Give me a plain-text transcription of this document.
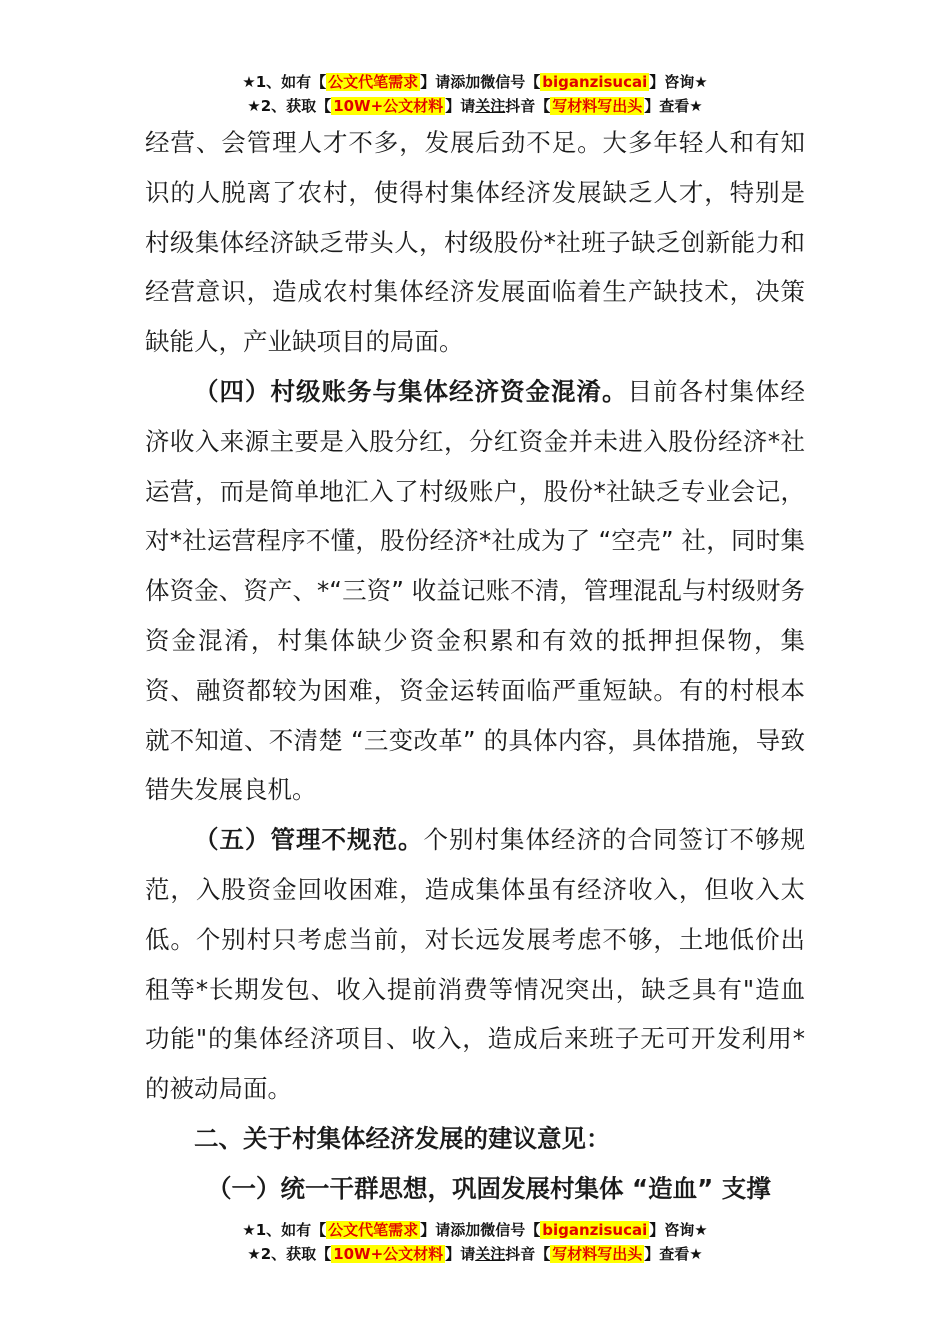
★1、如有【 公文代笔需求 】请添加微信号【 biganzisucai 】咨询★
★2、获取【 10W+公文材料 】请关注抖音【 写材料写出头 】查看★

经营、会管理人才不多，发展后劲不足。大多年轻人和有知识的人脱离了农村，使得村集体经济发展缺乏人才，特别是村级集体经济缺乏带头人，村级股份*社班子缺乏创新能力和经营意识，造成农村集体经济发展面临着生产缺技术，决策缺能人，产业缺项目的局面。

（四）村级账务与集体经济资金混淆。目前各村集体经济收入来源主要是入股分红，分红资金并未进入股份经济*社运营，而是简单地汇入了村级账户，股份*社缺乏专业会记，对*社运营程序不懂，股份经济*社成为了 “空壳” 社，同时集体资金、资产、*“三资” 收益记账不清，管理混乱与村级财务资金混淆，村集体缺少资金积累和有效的抵押担保物，集资、融资都较为困难，资金运转面临严重短缺。有的村根本就不知道、不清楚 “三变改革” 的具体内容，具体措施，导致错失发展良机。

（五）管理不规范。个别村集体经济的合同签订不够规范，入股资金回收困难，造成集体虽有经济收入，但收入太低。个别村只考虑当前，对长远发展考虑不够，土地低价出租等*长期发包、收入提前消费等情况突出，缺乏具有"造血功能"的集体经济项目、收入，造成后来班子无可开发利用*的被动局面。

二、关于村集体经济发展的建议意见：

（一）统一干群思想，巩固发展村集体 “造血” 支撑

★1、如有【 公文代笔需求 】请添加微信号【 biganzisucai 】咨询★
★2、获取【 10W+公文材料 】请关注抖音【 写材料写出头 】查看★
